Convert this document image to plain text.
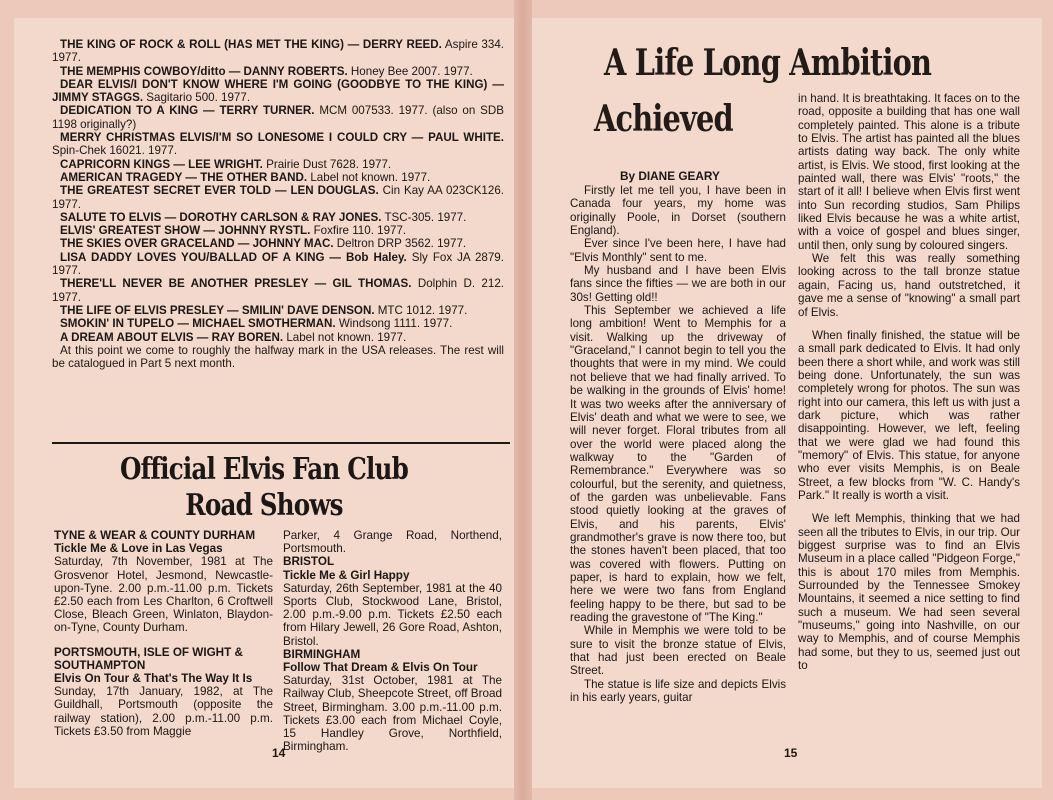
THE KING OF ROCK & ROLL (HAS MET THE KING) — DERRY REED. Aspire 334. 1977.

THE MEMPHIS COWBOY/ditto — DANNY ROBERTS. Honey Bee 2007. 1977.

DEAR ELVIS/I DON'T KNOW WHERE I'M GOING (GOODBYE TO THE KING) — JIMMY STAGGS. Sagitario 500. 1977.

DEDICATION TO A KING — TERRY TURNER. MCM 007533. 1977. (also on SDB 1198 originally?)

MERRY CHRISTMAS ELVIS/I'M SO LONESOME I COULD CRY — PAUL WHITE. Spin-Chek 16021. 1977.

CAPRICORN KINGS — LEE WRIGHT. Prairie Dust 7628. 1977.

AMERICAN TRAGEDY — THE OTHER BAND. Label not known. 1977.

THE GREATEST SECRET EVER TOLD — LEN DOUGLAS. Cin Kay AA 023CK126. 1977.

SALUTE TO ELVIS — DOROTHY CARLSON & RAY JONES. TSC-305. 1977.

ELVIS' GREATEST SHOW — JOHNNY RYSTL. Foxfire 110. 1977.

THE SKIES OVER GRACELAND — JOHNNY MAC. Deltron DRP 3562. 1977.

LISA DADDY LOVES YOU/BALLAD OF A KING — Bob Haley. Sly Fox JA 2879. 1977.

THERE'LL NEVER BE ANOTHER PRESLEY — GIL THOMAS. Dolphin D. 212. 1977.

THE LIFE OF ELVIS PRESLEY — SMILIN' DAVE DENSON. MTC 1012. 1977.

SMOKIN' IN TUPELO — MICHAEL SMOTHERMAN. Windsong 1111. 1977.

A DREAM ABOUT ELVIS — RAY BOREN. Label not known. 1977.

At this point we come to roughly the halfway mark in the USA releases. The rest will be catalogued in Part 5 next month.

Official Elvis Fan Club
Road Shows

TYNE & WEAR & COUNTY DURHAM

Tickle Me & Love in Las Vegas

Saturday, 7th November, 1981 at The Grosvenor Hotel, Jesmond, Newcastle-upon-Tyne. 2.00 p.m.-11.00 p.m. Tickets £2.50 each from Les Charlton, 6 Croftwell Close, Bleach Green, Winlaton, Blaydon-on-Tyne, County Durham.

PORTSMOUTH, ISLE OF WIGHT & SOUTHAMPTON

Elvis On Tour & That's The Way It Is

Sunday, 17th January, 1982, at The Guildhall, Portsmouth (opposite the railway station), 2.00 p.m.-11.00 p.m. Tickets £3.50 from Maggie

Parker, 4 Grange Road, Northend, Portsmouth.

BRISTOL

Tickle Me & Girl Happy

Saturday, 26th September, 1981 at the 40 Sports Club, Stockwood Lane, Bristol, 2.00 p.m.-9.00 p.m. Tickets £2.50 each from Hilary Jewell, 26 Gore Road, Ashton, Bristol.

BIRMINGHAM

Follow That Dream & Elvis On Tour

Saturday, 31st October, 1981 at The Railway Club, Sheepcote Street, off Broad Street, Birmingham. 3.00 p.m.-11.00 p.m. Tickets £3.00 each from Michael Coyle, 15 Handley Grove, Northfield, Birmingham.

14
A Life Long Ambition
Achieved
By DIANE GEARY

Firstly let me tell you, I have been in Canada four years, my home was originally Poole, in Dorset (southern England).

Ever since I've been here, I have had "Elvis Monthly" sent to me.

My husband and I have been Elvis fans since the fifties — we are both in our 30s! Getting old!!

This September we achieved a life long ambition! Went to Memphis for a visit. Walking up the driveway of "Graceland," I cannot begin to tell you the thoughts that were in my mind. We could not believe that we had finally arrived. To be walking in the grounds of Elvis' home! It was two weeks after the anniversary of Elvis' death and what we were to see, we will never forget. Floral tributes from all over the world were placed along the walkway to the "Garden of Remembrance." Everywhere was so colourful, but the serenity, and quietness, of the garden was unbelievable. Fans stood quietly looking at the graves of Elvis, and his parents, Elvis' grandmother's grave is now there too, but the stones haven't been placed, that too was covered with flowers. Putting on paper, is hard to explain, how we felt, here we were two fans from England feeling happy to be there, but sad to be reading the gravestone of "The King."

While in Memphis we were told to be sure to visit the bronze statue of Elvis, that had just been erected on Beale Street.

The statue is life size and depicts Elvis in his early years, guitar

in hand. It is breathtaking. It faces on to the road, opposite a building that has one wall completely painted. This alone is a tribute to Elvis. The artist has painted all the blues artists dating way back. The only white artist, is Elvis. We stood, first looking at the painted wall, there was Elvis' "roots," the start of it all! I believe when Elvis first went into Sun recording studios, Sam Philips liked Elvis because he was a white artist, with a voice of gospel and blues singer, until then, only sung by coloured singers.

We felt this was really something looking across to the tall bronze statue again, Facing us, hand outstretched, it gave me a sense of "knowing" a small part of Elvis.

When finally finished, the statue will be a small park dedicated to Elvis. It had only been there a short while, and work was still being done. Unfortunately, the sun was completely wrong for photos. The sun was right into our camera, this left us with just a dark picture, which was rather disappointing. However, we left, feeling that we were glad we had found this "memory" of Elvis. This statue, for anyone who ever visits Memphis, is on Beale Street, a few blocks from "W. C. Handy's Park." It really is worth a visit.

We left Memphis, thinking that we had seen all the tributes to Elvis, in our trip. Our biggest surprise was to find an Elvis Museum in a place called "Pidgeon Forge," this is about 170 miles from Memphis. Surrounded by the Tennessee Smokey Mountains, it seemed a nice setting to find such a museum. We had seen several "museums," going into Nashville, on our way to Memphis, and of course Memphis had some, but they to us, seemed just out to

15
